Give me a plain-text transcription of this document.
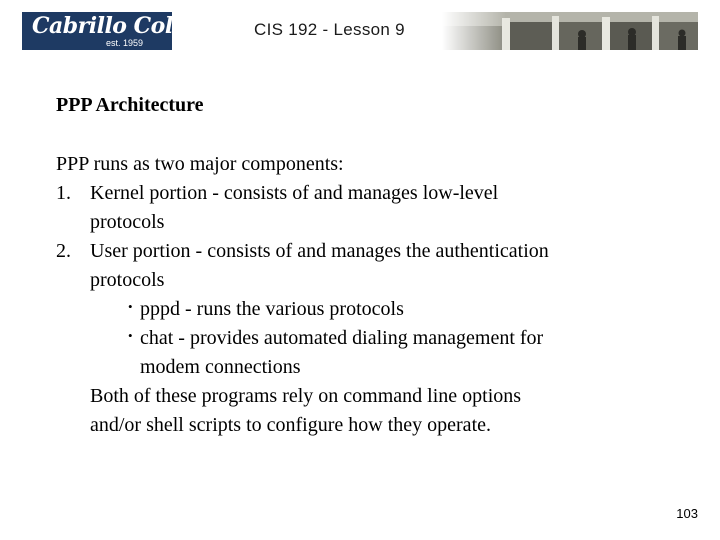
Cabrillo College
est. 1959
CIS 192 - Lesson 9
PPP Architecture
PPP runs as two major components:
1. Kernel portion - consists of and manages low-level
protocols
2. User portion - consists of and manages the authentication
protocols
• pppd - runs the various protocols
• chat - provides automated dialing management for
modem connections
Both of these programs rely on command line options
and/or shell scripts to configure how they operate.
103
